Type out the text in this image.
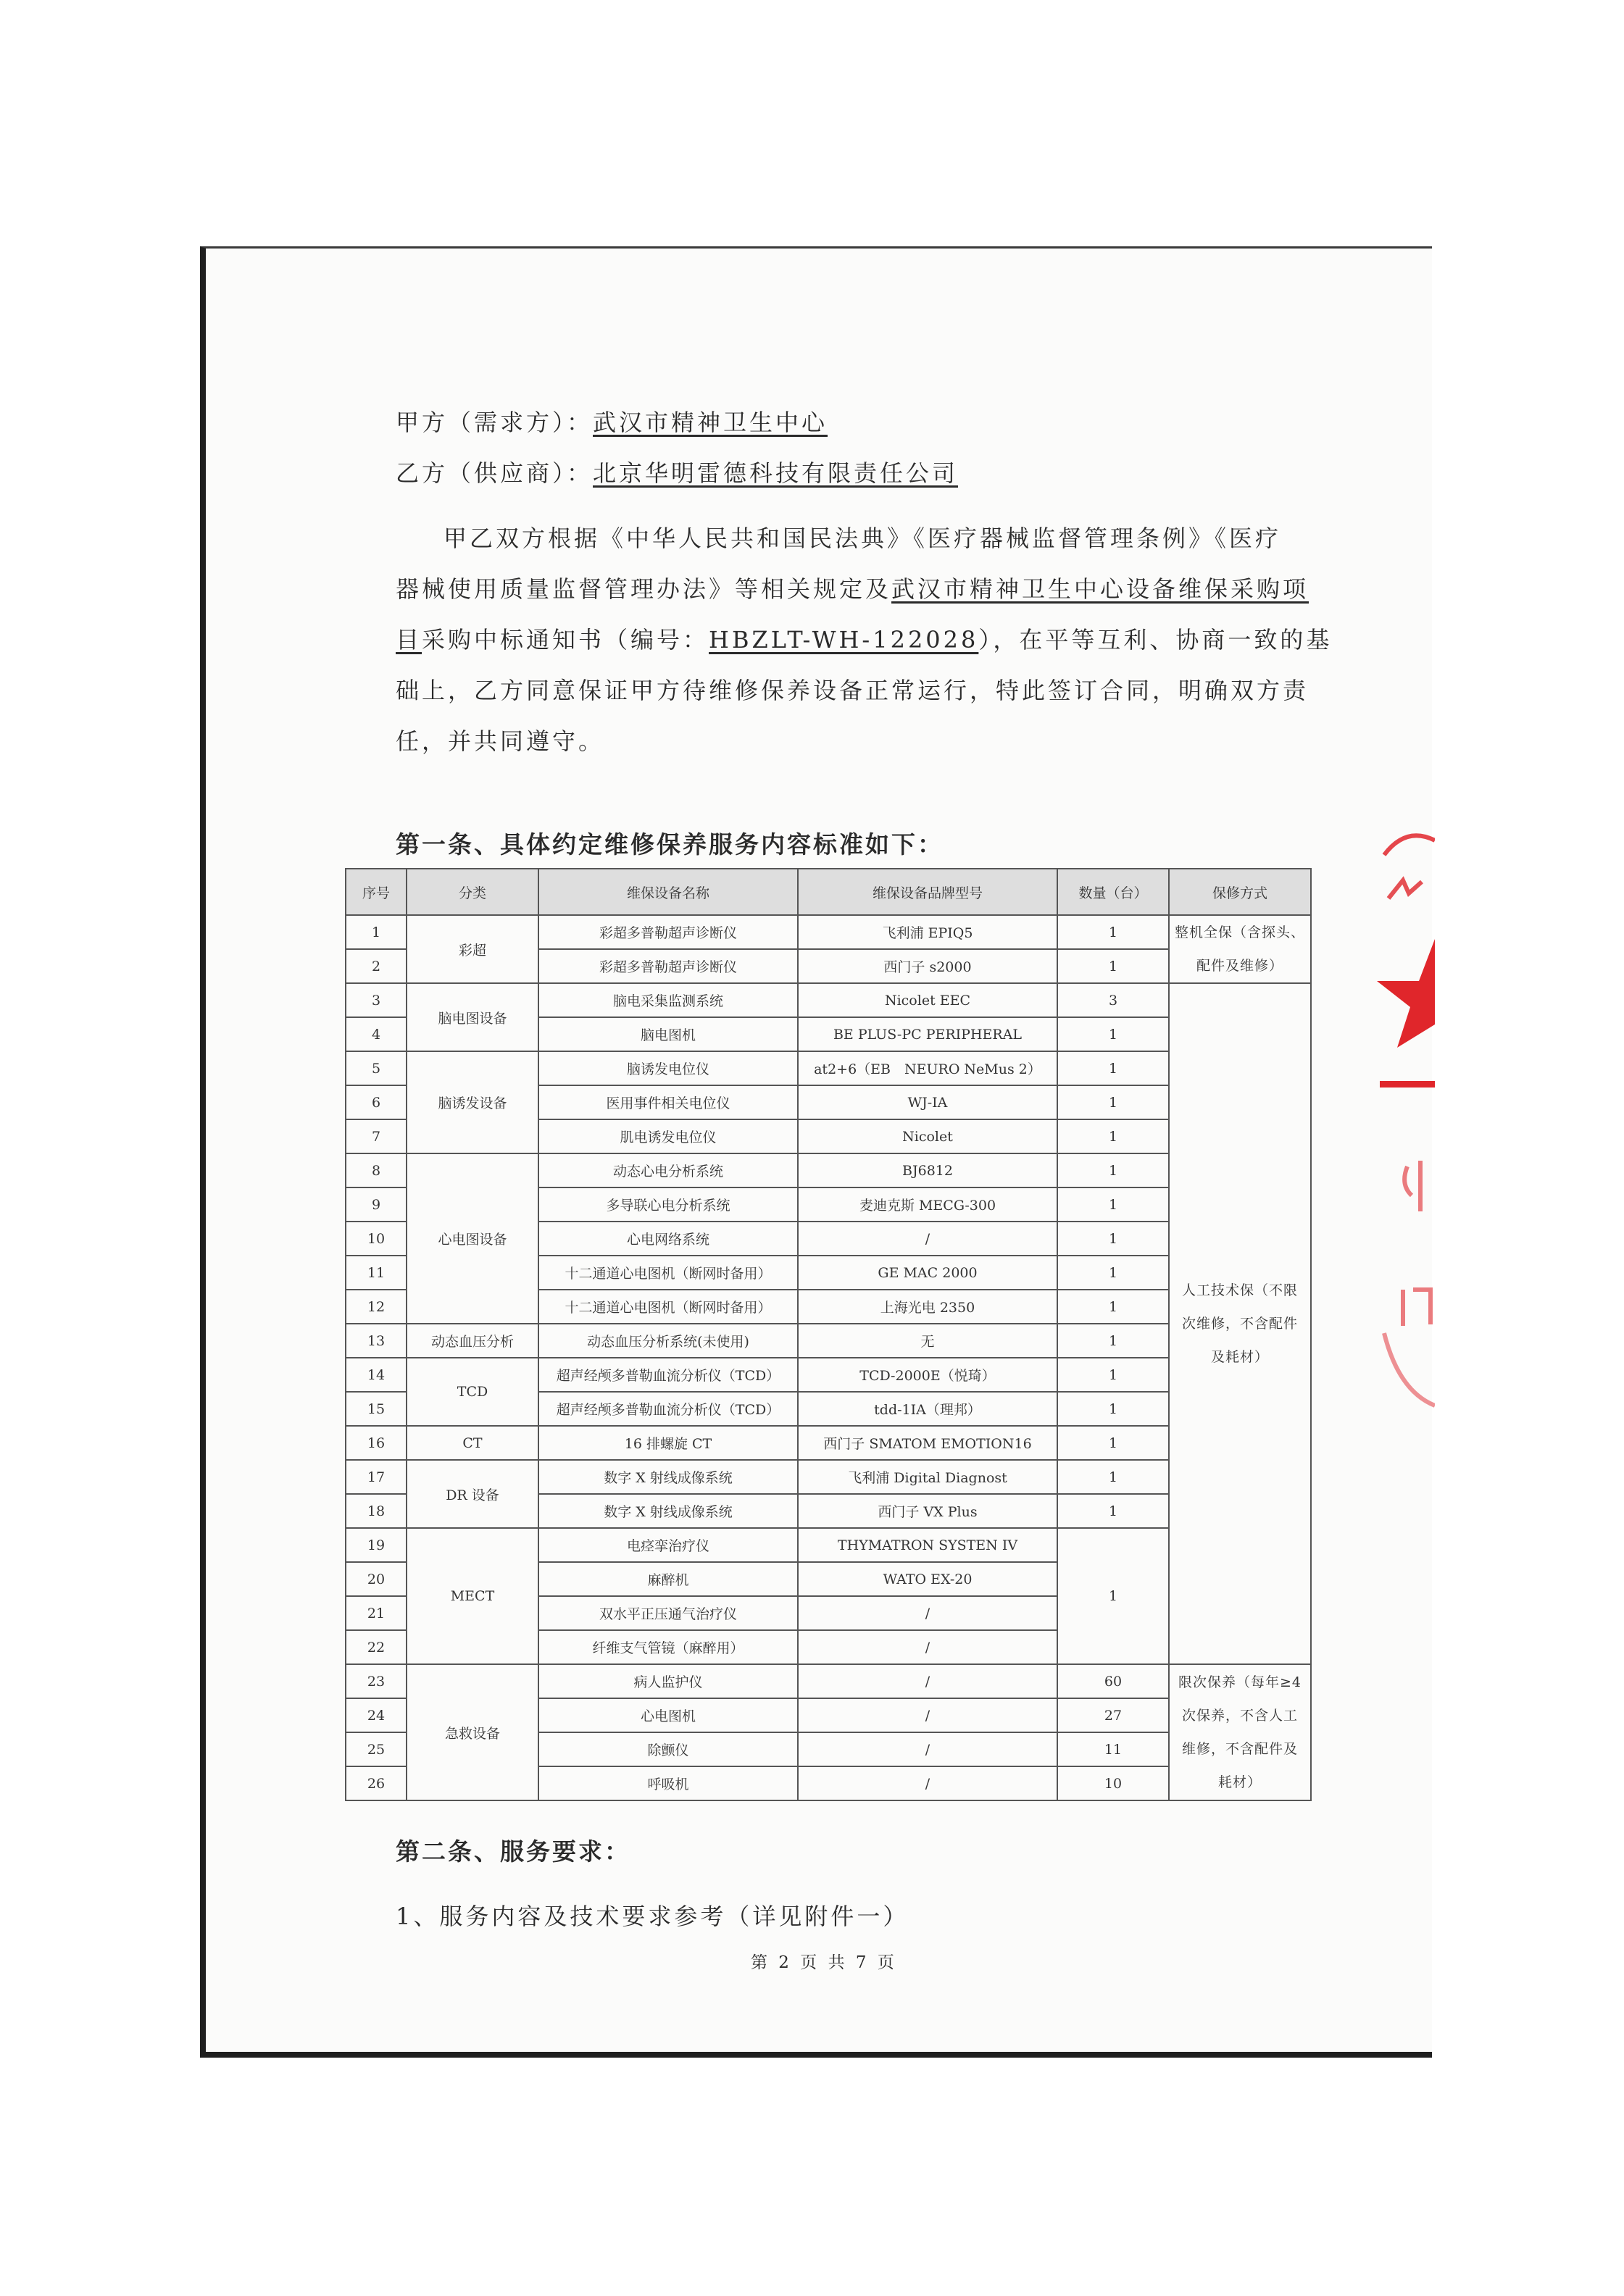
甲方（需求方）：武汉市精神卫生中心
乙方（供应商）：北京华明雷德科技有限责任公司
甲乙双方根据《中华人民共和国民法典》《医疗器械监督管理条例》《医疗
器械使用质量监督管理办法》等相关规定及武汉市精神卫生中心设备维保采购项
目采购中标通知书（编号：HBZLT-WH-122028），在平等互利、协商一致的基
础上，乙方同意保证甲方待维修保养设备正常运行，特此签订合同，明确双方责
任，并共同遵守。
第一条、具体约定维修保养服务内容标准如下：
序号	分类	维保设备名称	维保设备品牌型号	数量（台）	保修方式
1	彩超	彩超多普勒超声诊断仪	飞利浦 EPIQ5	1	整机全保（含探头、配件及维修）
2		彩超多普勒超声诊断仪	西门子 s2000	1	
3	脑电图设备	脑电采集监测系统	Nicolet EEC	3	人工技术保（不限次维修，不含配件及耗材）
4		脑电图机	BE PLUS-PC PERIPHERAL	1	
5	脑诱发设备	脑诱发电位仪	at2+6（EB　NEURO NeMus 2）	1	
6		医用事件相关电位仪	WJ-IA	1	
7		肌电诱发电位仪	Nicolet	1	
8	心电图设备	动态心电分析系统	BJ6812	1	
9		多导联心电分析系统	麦迪克斯 MECG-300	1	
10		心电网络系统	/	1	
11		十二通道心电图机（断网时备用）	GE MAC 2000	1	
12		十二通道心电图机（断网时备用）	上海光电 2350	1	
13	动态血压分析	动态血压分析系统(未使用)	无	1	
14	TCD	超声经颅多普勒血流分析仪（TCD）	TCD-2000E（悦琦）	1	
15		超声经颅多普勒血流分析仪（TCD）	tdd-1IA（理邦）	1	
16	CT	16 排螺旋 CT	西门子 SMATOM EMOTION16	1	
17	DR 设备	数字 X 射线成像系统	飞利浦 Digital Diagnost	1	
18		数字 X 射线成像系统	西门子 VX Plus	1	
19	MECT	电痉挛治疗仪	THYMATRON SYSTEN IV	1	
20		麻醉机	WATO EX-20		
21		双水平正压通气治疗仪	/		
22		纤维支气管镜（麻醉用）	/		
23	急救设备	病人监护仪	/	60	限次保养（每年≥4 次保养，不含人工维修，不含配件及耗材）
24		心电图机	/	27	
25		除颤仪	/	11	
26		呼吸机	/	10	
第二条、服务要求：
1、服务内容及技术要求参考（详见附件一）
第 2 页 共 7 页
